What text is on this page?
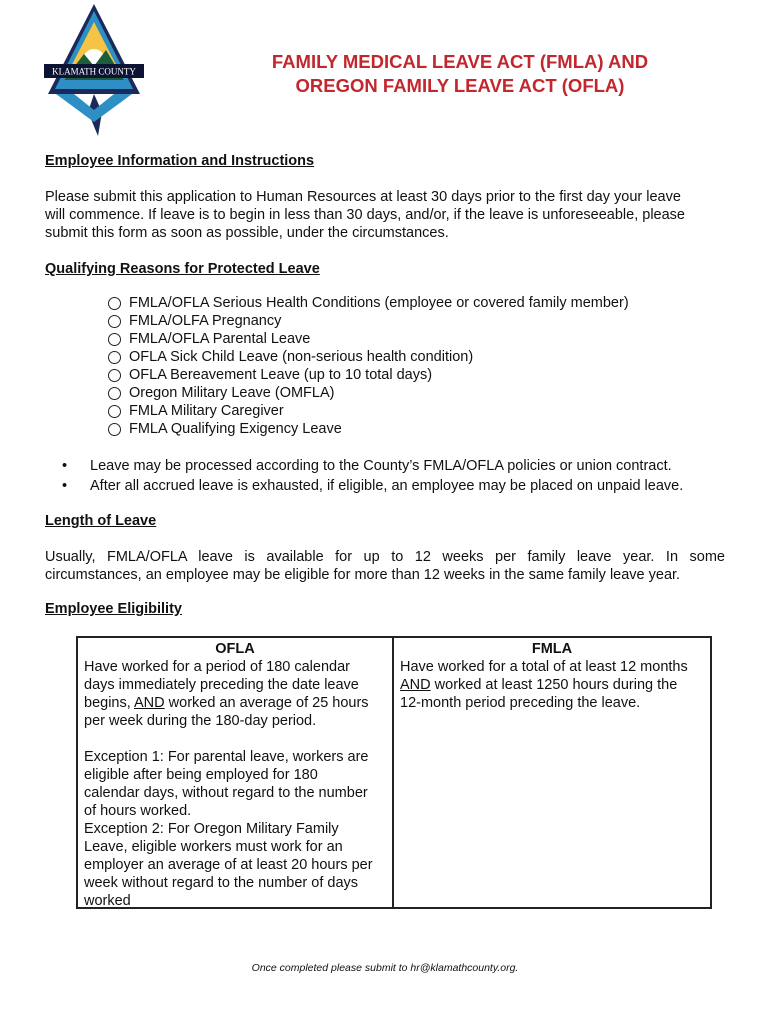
KLAMATH COUNTY	FAMILY MEDICAL LEAVE ACT (FMLA) AND
OREGON FAMILY LEAVE ACT (OFLA)
Employee Information and Instructions
Please submit this application to Human Resources at least 30 days prior to the first day your leave
will commence. If leave is to begin in less than 30 days, and/or, if the leave is unforeseeable, please
submit this form as soon as possible, under the circumstances.
Qualifying Reasons for Protected Leave
FMLA/OFLA Serious Health Conditions (employee or covered family member)
FMLA/OLFA Pregnancy
FMLA/OFLA Parental Leave
OFLA Sick Child Leave (non-serious health condition)
OFLA Bereavement Leave (up to 10 total days)
Oregon Military Leave (OMFLA)
FMLA Military Caregiver
FMLA Qualifying Exigency Leave
• Leave may be processed according to the County’s FMLA/OFLA policies or union contract.
• After all accrued leave is exhausted, if eligible, an employee may be placed on unpaid leave.
Length of Leave
Usually, FMLA/OFLA leave is available for up to 12 weeks per family leave year. In some
circumstances, an employee may be eligible for more than 12 weeks in the same family leave year.
Employee Eligibility
OFLA
Have worked for a period of 180 calendar
days immediately preceding the date leave
begins, AND worked an average of 25 hours
per week during the 180-day period.
Exception 1: For parental leave, workers are
eligible after being employed for 180
calendar days, without regard to the number
of hours worked.
Exception 2: For Oregon Military Family
Leave, eligible workers must work for an
employer an average of at least 20 hours per
week without regard to the number of days
worked
FMLA
Have worked for a total of at least 12 months
AND worked at least 1250 hours during the
12-month period preceding the leave.
Once completed please submit to hr@klamathcounty.org.
